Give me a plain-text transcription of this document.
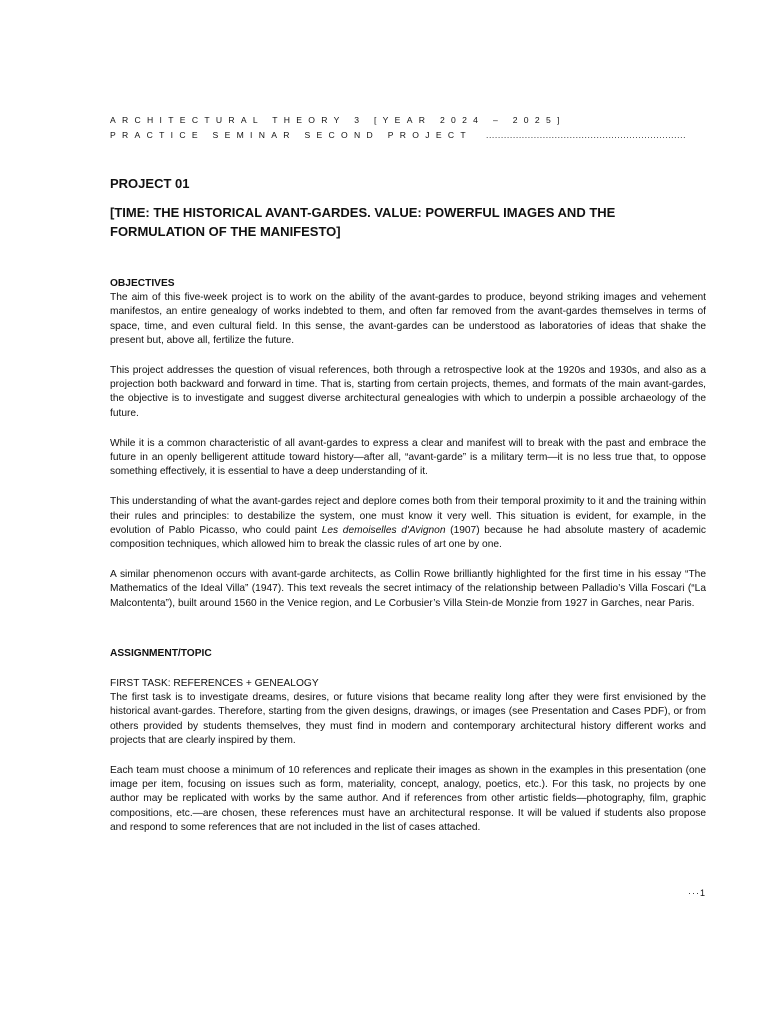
ARCHITECTURAL THEORY 3 [YEAR 2024 – 2025]
PRACTICE SEMINAR SECOND PROJECT ...................................................................
PROJECT 01
[TIME: THE HISTORICAL AVANT-GARDES. VALUE: POWERFUL IMAGES AND THE FORMULATION OF THE MANIFESTO]
OBJECTIVES

The aim of this five-week project is to work on the ability of the avant-gardes to produce, beyond striking images and vehement manifestos, an entire genealogy of works indebted to them, and often far removed from the avant-gardes themselves in terms of space, time, and even cultural field. In this sense, the avant-gardes can be understood as laboratories of ideas that shake the present but, above all, fertilize the future.

This project addresses the question of visual references, both through a retrospective look at the 1920s and 1930s, and also as a projection both backward and forward in time. That is, starting from certain projects, themes, and formats of the main avant-gardes, the objective is to investigate and suggest diverse architectural genealogies with which to underpin a possible archaeology of the future.

While it is a common characteristic of all avant-gardes to express a clear and manifest will to break with the past and embrace the future in an openly belligerent attitude toward history—after all, “avant-garde” is a military term—it is no less true that, to oppose something effectively, it is essential to have a deep understanding of it.

This understanding of what the avant-gardes reject and deplore comes both from their temporal proximity to it and the training within their rules and principles: to destabilize the system, one must know it very well. This situation is evident, for example, in the evolution of Pablo Picasso, who could paint Les demoiselles d'Avignon (1907) because he had absolute mastery of academic composition techniques, which allowed him to break the classic rules of art one by one.

A similar phenomenon occurs with avant-garde architects, as Collin Rowe brilliantly highlighted for the first time in his essay “The Mathematics of the Ideal Villa” (1947). This text reveals the secret intimacy of the relationship between Palladio’s Villa Foscari (“La Malcontenta”), built around 1560 in the Venice region, and Le Corbusier’s Villa Stein-de Monzie from 1927 in Garches, near Paris.

ASSIGNMENT/TOPIC
FIRST TASK: REFERENCES + GENEALOGY

The first task is to investigate dreams, desires, or future visions that became reality long after they were first envisioned by the historical avant-gardes. Therefore, starting from the given designs, drawings, or images (see Presentation and Cases PDF), or from others provided by students themselves, they must find in modern and contemporary architectural history different works and projects that are clearly inspired by them.

Each team must choose a minimum of 10 references and replicate their images as shown in the examples in this presentation (one image per item, focusing on issues such as form, materiality, concept, analogy, poetics, etc.). For this task, no projects by one author may be replicated with works by the same author. And if references from other artistic fields—photography, film, graphic compositions, etc.—are chosen, these references must have an architectural response. It will be valued if students also propose and respond to some references that are not included in the list of cases attached.

···1
